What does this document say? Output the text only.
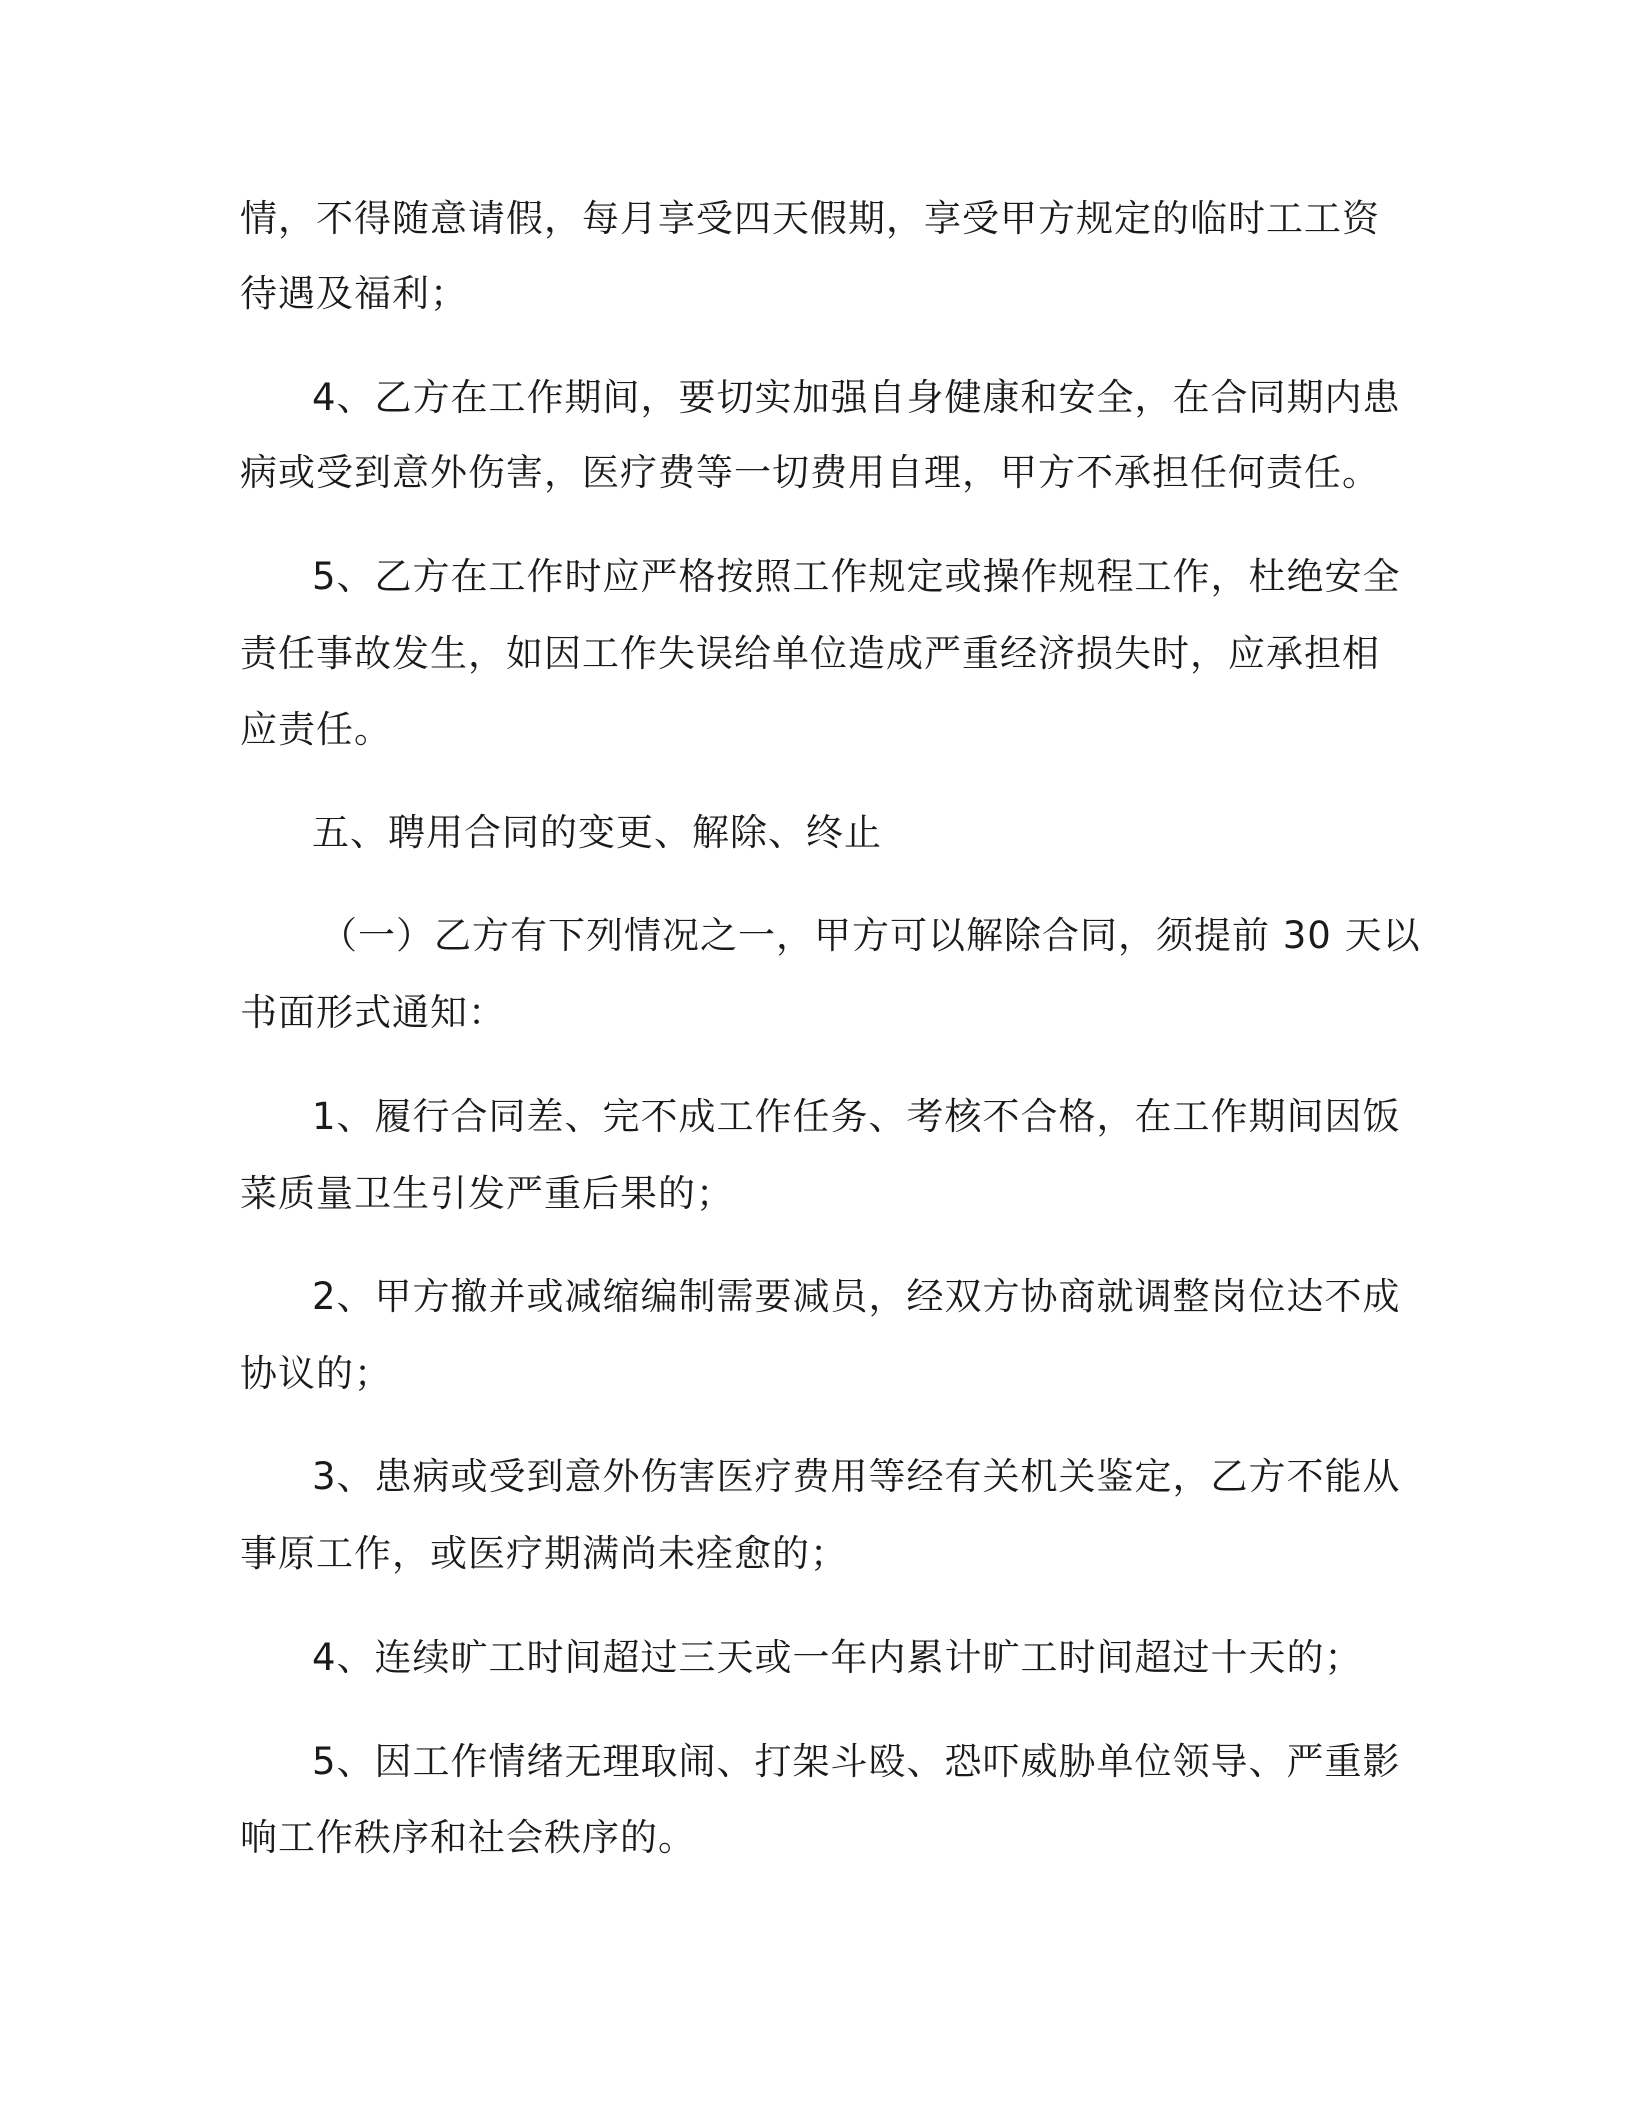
情，不得随意请假，每月享受四天假期，享受甲方规定的临时工工资
待遇及福利；
4、乙方在工作期间，要切实加强自身健康和安全，在合同期内患
病或受到意外伤害，医疗费等一切费用自理，甲方不承担任何责任。
5、乙方在工作时应严格按照工作规定或操作规程工作，杜绝安全
责任事故发生，如因工作失误给单位造成严重经济损失时，应承担相
应责任。
五、聘用合同的变更、解除、终止
（一）乙方有下列情况之一，甲方可以解除合同，须提前 30 天以
书面形式通知：
1、履行合同差、完不成工作任务、考核不合格，在工作期间因饭
菜质量卫生引发严重后果的；
2、甲方撤并或减缩编制需要减员，经双方协商就调整岗位达不成
协议的；
3、患病或受到意外伤害医疗费用等经有关机关鉴定，乙方不能从
事原工作，或医疗期满尚未痊愈的；
4、连续旷工时间超过三天或一年内累计旷工时间超过十天的；
5、因工作情绪无理取闹、打架斗殴、恐吓威胁单位领导、严重影
响工作秩序和社会秩序的。
